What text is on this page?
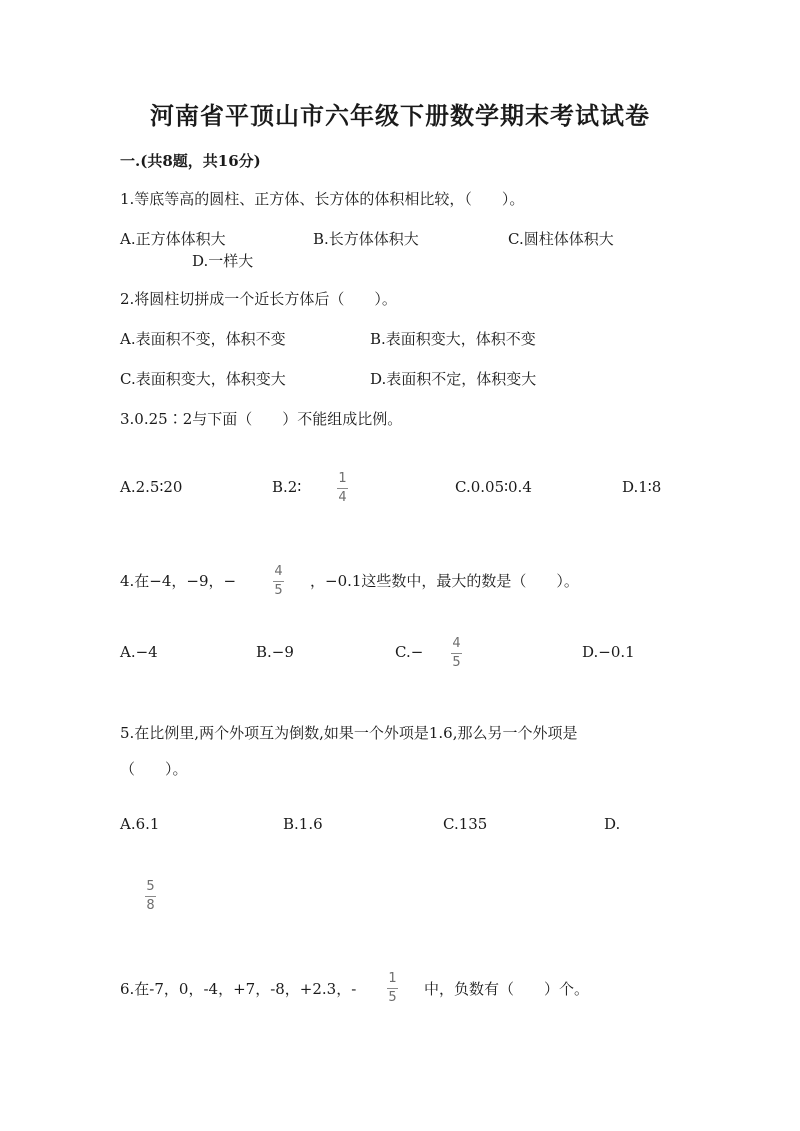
河南省平顶山市六年级下册数学期末考试试卷
一.(共8题，共16分)
1.等底等高的圆柱、正方体、长方体的体积相比较，（　　）。
A.正方体体积大	B.长方体体积大	C.圆柱体体积大
D.一样大
2.将圆柱切拼成一个近长方体后（　　）。
A.表面积不变，体积不变	B.表面积变大，体积不变
C.表面积变大，体积变大	D.表面积不定，体积变大
3.0.25∶2与下面（　　）不能组成比例。
A.2.5∶20	B.2∶	1
4
C.0.05∶0.4	D.1∶8
4.在−4，−9，−
4
5
，−0.1这些数中，最大的数是（　　）。
A.−4	B.−9	C.− 4
5
D.−0.1
5.在比例里,两个外项互为倒数,如果一个外项是1.6,那么另一个外项是
（　　）。
A.6.1	B.1.6	C.135	D.
5
8
6.在-7，0，-4，+7，-8，+2.3，-
1
5 中，负数有（　　）个。
